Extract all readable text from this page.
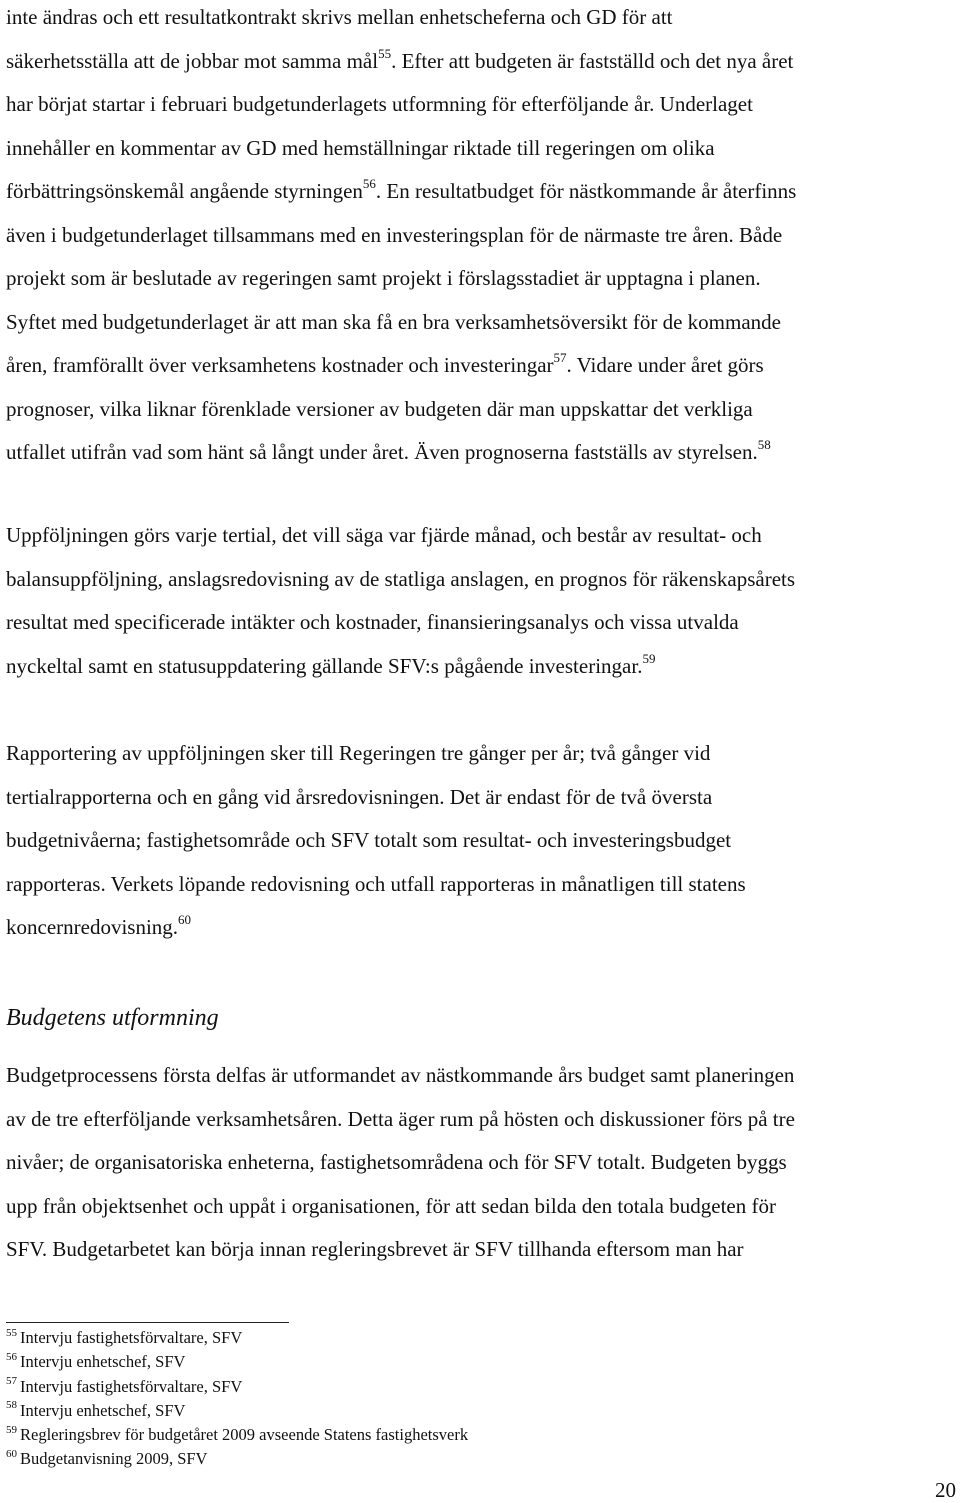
inte ändras och ett resultatkontrakt skrivs mellan enhetscheferna och GD för att
säkerhetsställa att de jobbar mot samma mål$^{55}$. Efter att budgeten är fastställd och det nya året
har börjat startar i februari budgetunderlagets utformning för efterföljande år. Underlaget
innehåller en kommentar av GD med hemställningar riktade till regeringen om olika
förbättringsönskemål angående styrningen$^{56}$. En resultatbudget för nästkommande år återfinns
även i budgetunderlaget tillsammans med en investeringsplan för de närmaste tre åren. Både
projekt som är beslutade av regeringen samt projekt i förslagsstadiet är upptagna i planen.
Syftet med budgetunderlaget är att man ska få en bra verksamhetsöversikt för de kommande
åren, framförallt över verksamhetens kostnader och investeringar$^{57}$. Vidare under året görs
prognoser, vilka liknar förenklade versioner av budgeten där man uppskattar det verkliga
utfallet utifrån vad som hänt så långt under året. Även prognoserna fastställs av styrelsen.$^{58}$
Uppföljningen görs varje tertial, det vill säga var fjärde månad, och består av resultat- och
balansuppföljning, anslagsredovisning av de statliga anslagen, en prognos för räkenskapsårets
resultat med specificerade intäkter och kostnader, finansieringsanalys och vissa utvalda
nyckeltal samt en statusuppdatering gällande SFV:s pågående investeringar.$^{59}$
Rapportering av uppföljningen sker till Regeringen tre gånger per år; två gånger vid
tertialrapporterna och en gång vid årsredovisningen. Det är endast för de två översta
budgetnivåerna; fastighetsområde och SFV totalt som resultat- och investeringsbudget
rapporteras. Verkets löpande redovisning och utfall rapporteras in månatligen till statens
koncernredovisning.$^{60}$
Budgetens utformning
Budgetprocessens första delfas är utformandet av nästkommande års budget samt planeringen
av de tre efterföljande verksamhetsåren. Detta äger rum på hösten och diskussioner förs på tre
nivåer; de organisatoriska enheterna, fastighetsområdena och för SFV totalt. Budgeten byggs
upp från objektsenhet och uppåt i organisationen, för att sedan bilda den totala budgeten för
SFV. Budgetarbetet kan börja innan regleringsbrevet är SFV tillhanda eftersom man har
$^{55}$ Intervju fastighetsförvaltare, SFV
$^{56}$ Intervju enhetschef, SFV
$^{57}$ Intervju fastighetsförvaltare, SFV
$^{58}$ Intervju enhetschef, SFV
$^{59}$ Regleringsbrev för budgetåret 2009 avseende Statens fastighetsverk
$^{60}$ Budgetanvisning 2009, SFV
20
